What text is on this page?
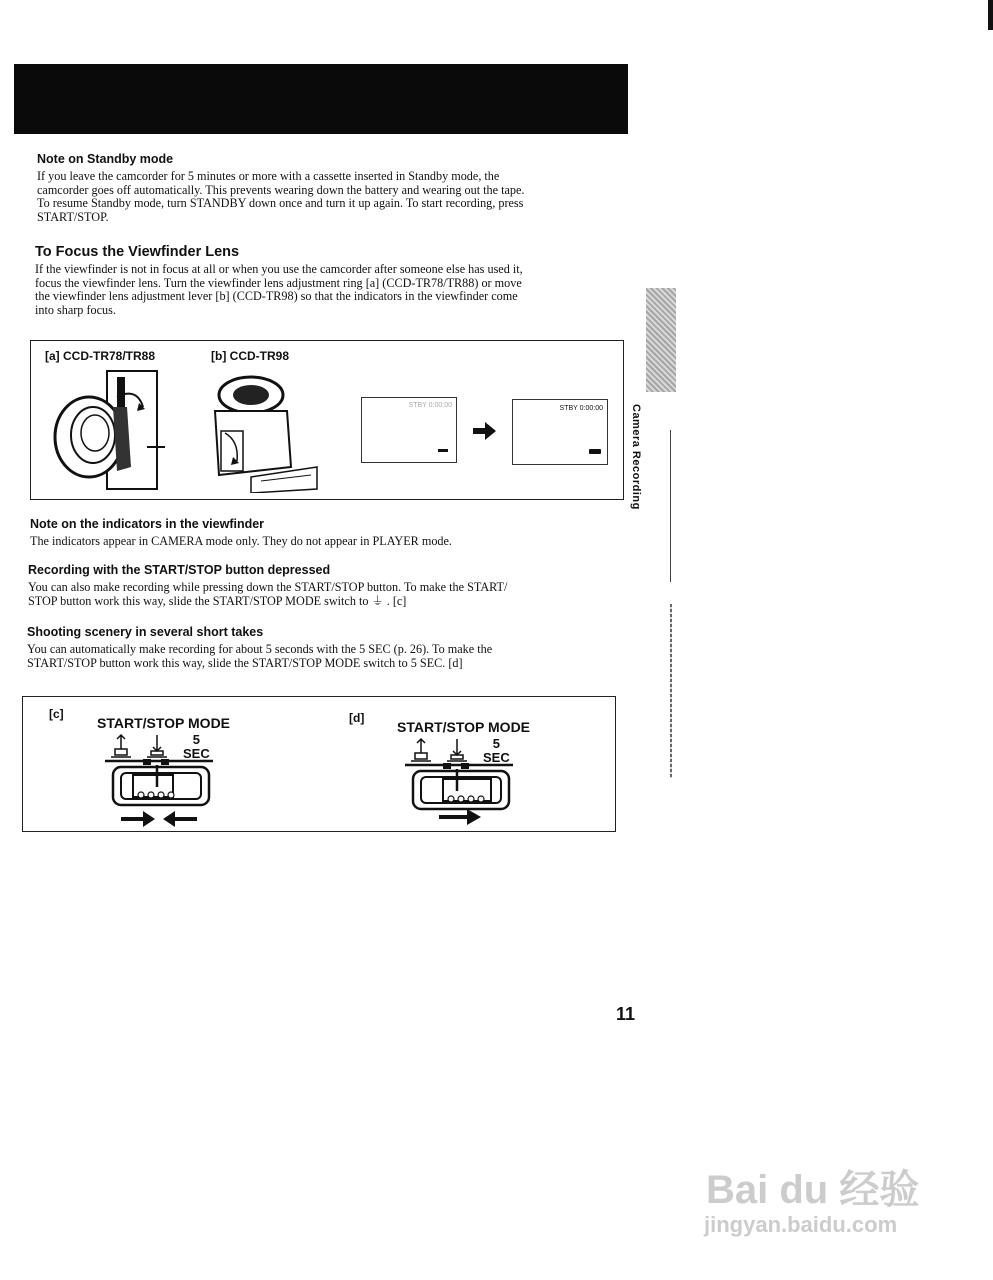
Note on Standby mode
If you leave the camcorder for 5 minutes or more with a cassette inserted in Standby mode, the
camcorder goes off automatically. This prevents wearing down the battery and wearing out the tape.
To resume Standby mode, turn STANDBY down once and turn it up again. To start recording, press
START/STOP.
To Focus the Viewfinder Lens
If the viewfinder is not in focus at all or when you use the camcorder after someone else has used it,
focus the viewfinder lens. Turn the viewfinder lens adjustment ring [a] (CCD-TR78/TR88) or move
the viewfinder lens adjustment lever [b] (CCD-TR98) so that the indicators in the viewfinder come
into sharp focus.
[a] CCD-TR78/TR88	[b] CCD-TR98
STBY 0:00:00	STBY 0:00:00
Note on the indicators in the viewfinder
The indicators appear in CAMERA mode only. They do not appear in PLAYER mode.
Recording with the START/STOP button depressed
You can also make recording while pressing down the START/STOP button. To make the START/
STOP button work this way, slide the START/STOP MODE switch to ⏚ . [c]
Shooting scenery in several short takes
You can automatically make recording for about 5 seconds with the 5 SEC (p. 26). To make the
START/STOP button work this way, slide the START/STOP MODE switch to 5 SEC. [d]
[c]	[d]
START/STOP MODE
5
SEC
START/STOP MODE
5
SEC
Camera Recording
11
Bai du 经验
jingyan.baidu.com
